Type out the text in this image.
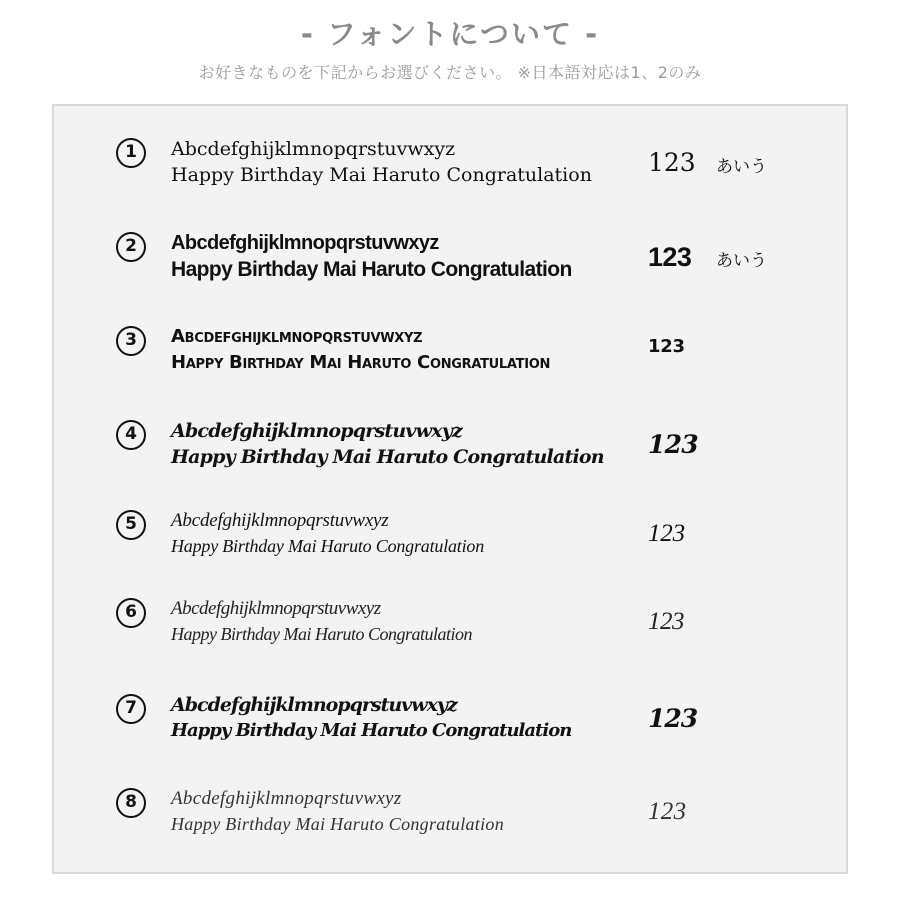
- フォントについて -
お好きなものを下記からお選びください。 ※日本語対応は1、2のみ
1	Abcdefghijklmnopqrstuvwxyz
Happy Birthday Mai Haruto Congratulation 123 あいう
2	Abcdefghijklmnopqrstuvwxyz
Happy Birthday Mai Haruto Congratulation	123 あいう
3	Abcdefghijklmnopqrstuvwxyz
Happy Birthday Mai Haruto Congratulation
123
4	Abcdefghijklmnopqrstuvwxyz
Happy Birthday Mai Haruto Congratulation 123
5	Abcdefghijklmnopqrstuvwxyz
Happy Birthday Mai Haruto Congratulation	123
6	Abcdefghijklmnopqrstuvwxyz
Happy Birthday Mai Haruto Congratulation	123
7	Abcdefghijklmnopqrstuvwxyz
Happy Birthday Mai Haruto Congratulation	123
8	Abcdefghijklmnopqrstuvwxyz
Happy Birthday Mai Haruto Congratulation	123
